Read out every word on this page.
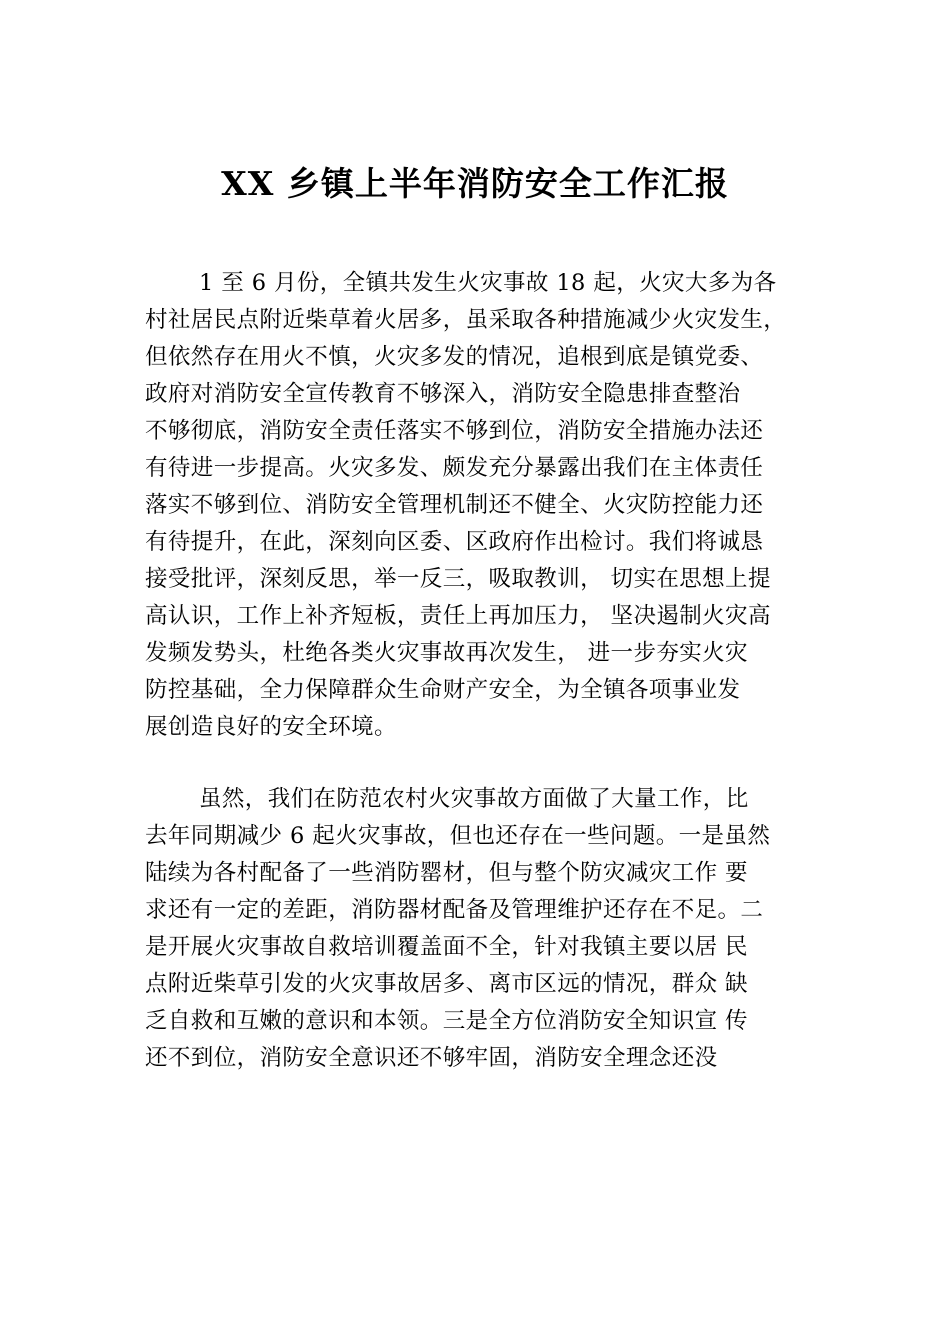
XX 乡镇上半年消防安全工作汇报
1 至 6 月份，全镇共发生火灾事故 18 起，火灾大多为各
村社居民点附近柴草着火居多，虽采取各种措施减少火灾发生，
但依然存在用火不慎，火灾多发的情况，追根到底是镇党委、
政府对消防安全宣传教育不够深入，消防安全隐患排查整治
不够彻底，消防安全责任落实不够到位，消防安全措施办法还
有待进一步提高。火灾多发、颇发充分暴露出我们在主体责任
落实不够到位、消防安全管理机制还不健全、火灾防控能力还
有待提升，在此，深刻向区委、区政府作出检讨。我们将诚恳
接受批评，深刻反思，举一反三，吸取教训， 切实在思想上提
高认识，工作上补齐短板，责任上再加压力， 坚决遏制火灾高
发频发势头，杜绝各类火灾事故再次发生， 进一步夯实火灾
防控基础，全力保障群众生命财产安全，为全镇各项事业发
展创造良好的安全环境。
虽然，我们在防范农村火灾事故方面做了大量工作，比
去年同期减少 6 起火灾事故，但也还存在一些问题。一是虽然
陆续为各村配备了一些消防罂材，但与整个防灾减灾工作 要
求还有一定的差距，消防器材配备及管理维护还存在不足。二
是开展火灾事故自救培训覆盖面不全，针对我镇主要以居 民
点附近柴草引发的火灾事故居多、离市区远的情况，群众 缺
乏自救和互嫩的意识和本领。三是全方位消防安全知识宣 传
还不到位，消防安全意识还不够牢固，消防安全理念还没
